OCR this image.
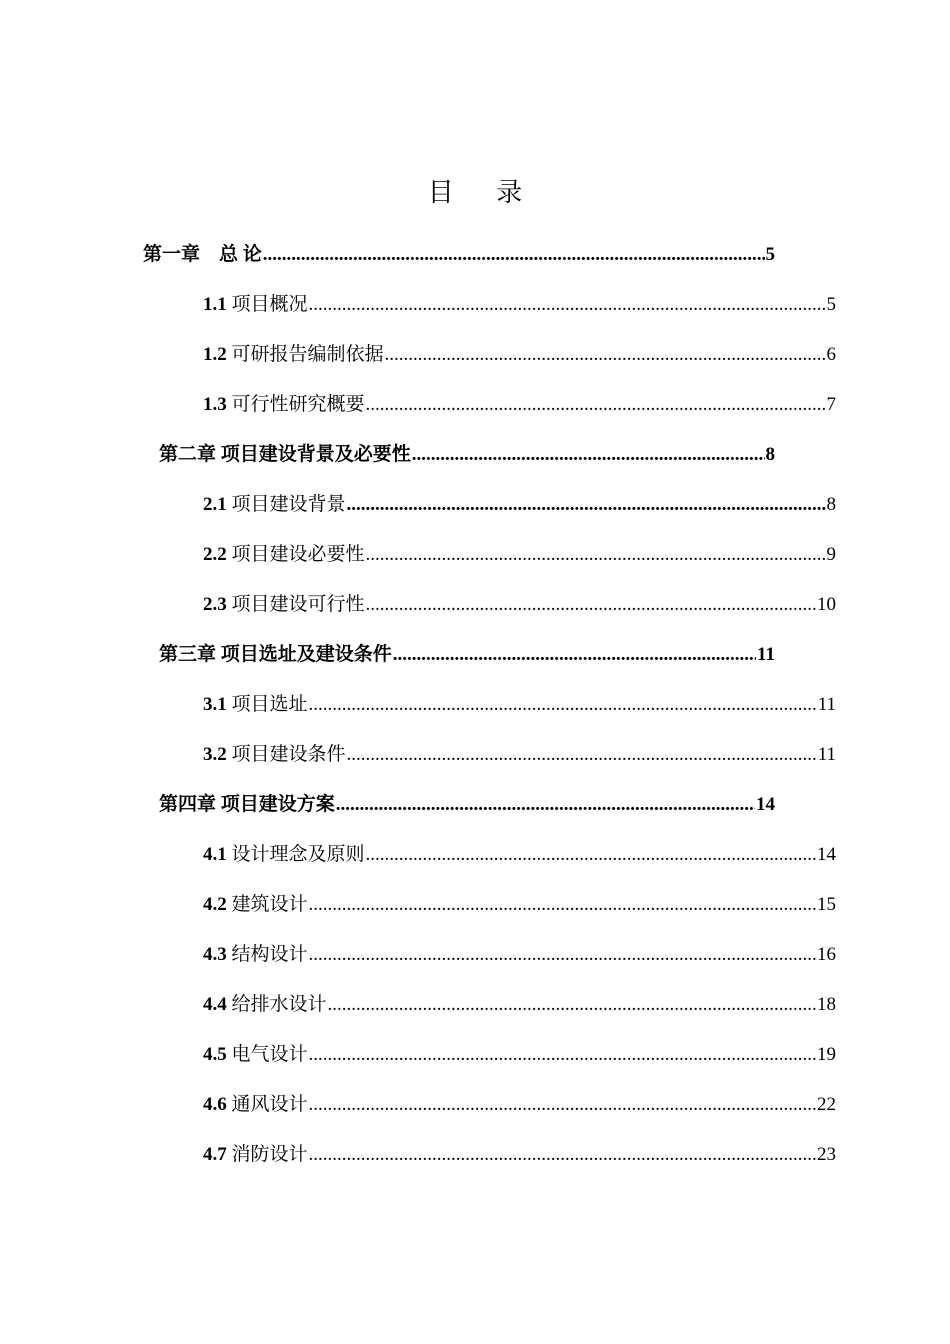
目 录
第一章　总 论 .....	5
1.1 项目概况 .....	5
1.2 可研报告编制依据 .....	6
1.3 可行性研究概要 .....	7
第二章 项目建设背景及必要性 .....	8
2.1 项目建设背景 .....	8
2.2 项目建设必要性 .....	9
2.3 项目建设可行性 .....	10
第三章 项目选址及建设条件 .....	11
3.1 项目选址 .....	11
3.2 项目建设条件 .....	11
第四章 项目建设方案 .....	14
4.1 设计理念及原则 .....	14
4.2 建筑设计 .....	15
4.3 结构设计 .....	16
4.4 给排水设计 .....	18
4.5 电气设计 .....	19
4.6 通风设计 .....	22
4.7 消防设计 .....	23
